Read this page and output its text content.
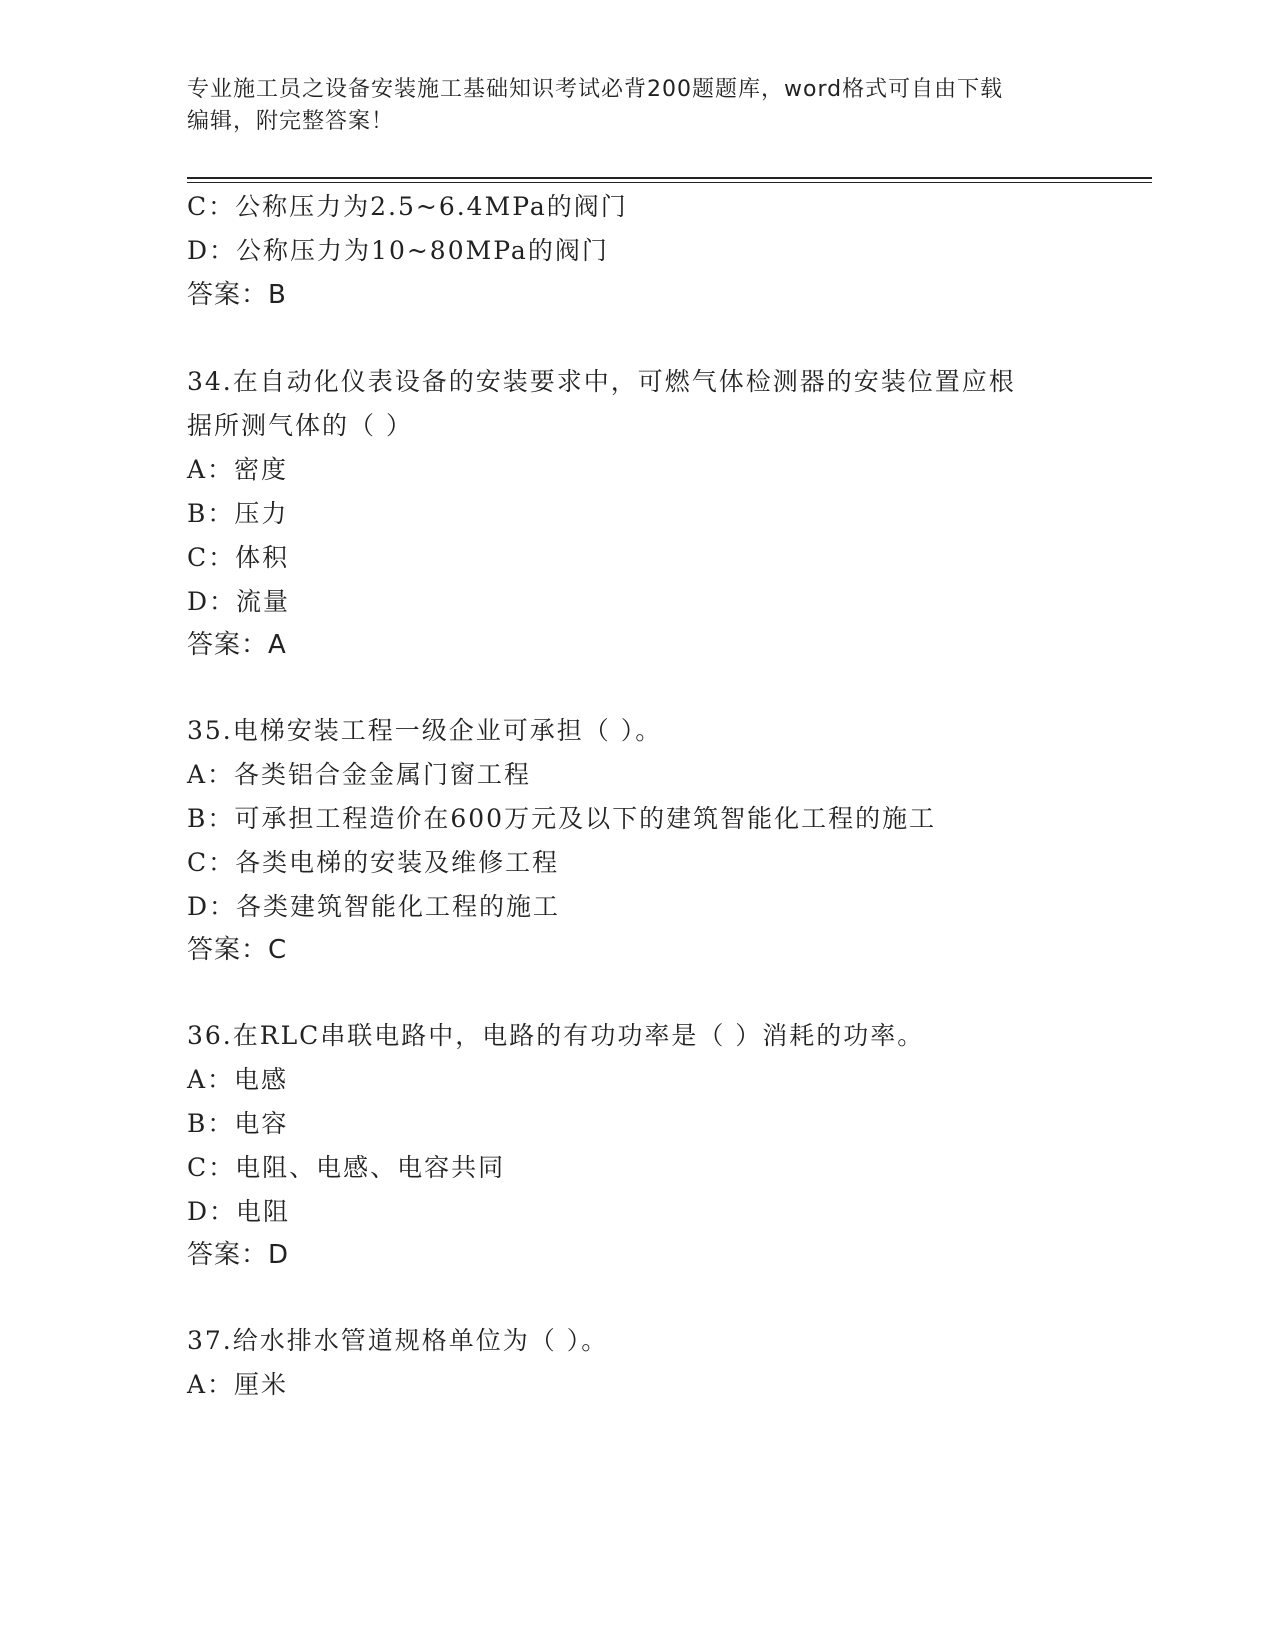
专业施工员之设备安装施工基础知识考试必背200题题库，word格式可自由下载
编辑，附完整答案！
C：公称压力为2.5~6.4MPa的阀门
D：公称压力为10~80MPa的阀门
答案：B
34.在自动化仪表设备的安装要求中，可燃气体检测器的安装位置应根
据所测气体的（ ）
A：密度
B：压力
C：体积
D：流量
答案：A
35.电梯安装工程一级企业可承担（ ）。
A：各类铝合金金属门窗工程
B：可承担工程造价在600万元及以下的建筑智能化工程的施工
C：各类电梯的安装及维修工程
D：各类建筑智能化工程的施工
答案：C
36.在RLC串联电路中，电路的有功功率是（ ）消耗的功率。
A：电感
B：电容
C：电阻、电感、电容共同
D：电阻
答案：D
37.给水排水管道规格单位为（ ）。
A：厘米
